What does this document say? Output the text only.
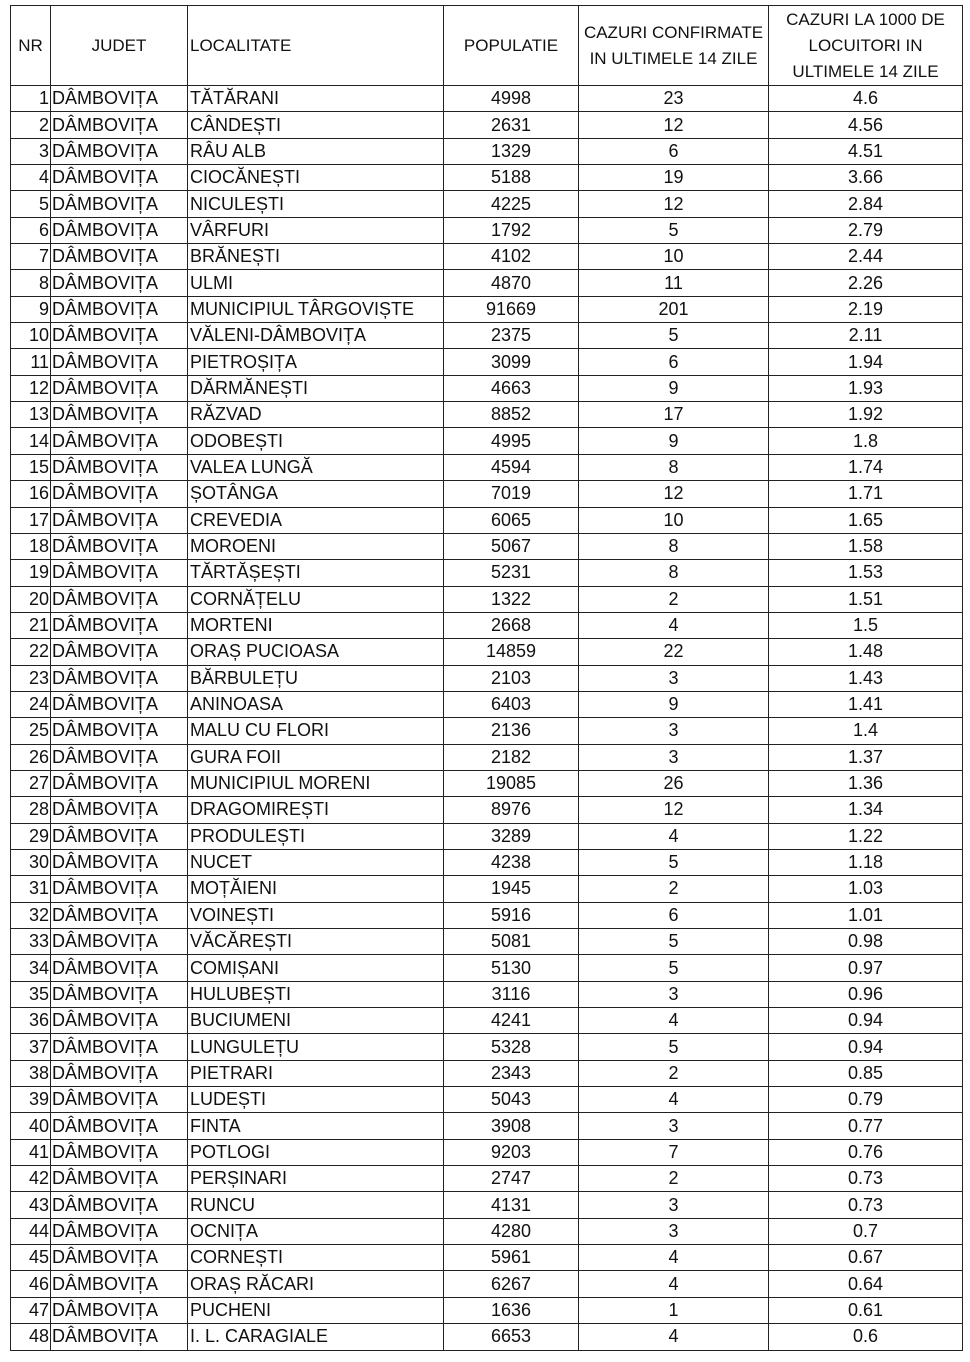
NR	JUDET	LOCALITATE	POPULATIE	CAZURI CONFIRMATE IN ULTIMELE 14 ZILE	CAZURI LA 1000 DE LOCUITORI IN ULTIMELE 14 ZILE
1	DÂMBOVIȚA	TĂTĂRANI	4998	23	4.6
2	DÂMBOVIȚA	CÂNDEȘTI	2631	12	4.56
3	DÂMBOVIȚA	RÂU ALB	1329	6	4.51
4	DÂMBOVIȚA	CIOCĂNEȘTI	5188	19	3.66
5	DÂMBOVIȚA	NICULEȘTI	4225	12	2.84
6	DÂMBOVIȚA	VÂRFURI	1792	5	2.79
7	DÂMBOVIȚA	BRĂNEȘTI	4102	10	2.44
8	DÂMBOVIȚA	ULMI	4870	11	2.26
9	DÂMBOVIȚA	MUNICIPIUL TÂRGOVIȘTE	91669	201	2.19
10	DÂMBOVIȚA	VĂLENI-DÂMBOVIȚA	2375	5	2.11
11	DÂMBOVIȚA	PIETROȘIȚA	3099	6	1.94
12	DÂMBOVIȚA	DĂRMĂNEȘTI	4663	9	1.93
13	DÂMBOVIȚA	RĂZVAD	8852	17	1.92
14	DÂMBOVIȚA	ODOBEȘTI	4995	9	1.8
15	DÂMBOVIȚA	VALEA LUNGĂ	4594	8	1.74
16	DÂMBOVIȚA	ȘOTÂNGA	7019	12	1.71
17	DÂMBOVIȚA	CREVEDIA	6065	10	1.65
18	DÂMBOVIȚA	MOROENI	5067	8	1.58
19	DÂMBOVIȚA	TĂRTĂȘEȘTI	5231	8	1.53
20	DÂMBOVIȚA	CORNĂȚELU	1322	2	1.51
21	DÂMBOVIȚA	MORTENI	2668	4	1.5
22	DÂMBOVIȚA	ORAȘ PUCIOASA	14859	22	1.48
23	DÂMBOVIȚA	BĂRBULEȚU	2103	3	1.43
24	DÂMBOVIȚA	ANINOASA	6403	9	1.41
25	DÂMBOVIȚA	MALU CU FLORI	2136	3	1.4
26	DÂMBOVIȚA	GURA FOII	2182	3	1.37
27	DÂMBOVIȚA	MUNICIPIUL MORENI	19085	26	1.36
28	DÂMBOVIȚA	DRAGOMIREȘTI	8976	12	1.34
29	DÂMBOVIȚA	PRODULEȘTI	3289	4	1.22
30	DÂMBOVIȚA	NUCET	4238	5	1.18
31	DÂMBOVIȚA	MOȚĂIENI	1945	2	1.03
32	DÂMBOVIȚA	VOINEȘTI	5916	6	1.01
33	DÂMBOVIȚA	VĂCĂREȘTI	5081	5	0.98
34	DÂMBOVIȚA	COMIȘANI	5130	5	0.97
35	DÂMBOVIȚA	HULUBEȘTI	3116	3	0.96
36	DÂMBOVIȚA	BUCIUMENI	4241	4	0.94
37	DÂMBOVIȚA	LUNGULEȚU	5328	5	0.94
38	DÂMBOVIȚA	PIETRARI	2343	2	0.85
39	DÂMBOVIȚA	LUDEȘTI	5043	4	0.79
40	DÂMBOVIȚA	FINTA	3908	3	0.77
41	DÂMBOVIȚA	POTLOGI	9203	7	0.76
42	DÂMBOVIȚA	PERȘINARI	2747	2	0.73
43	DÂMBOVIȚA	RUNCU	4131	3	0.73
44	DÂMBOVIȚA	OCNIȚA	4280	3	0.7
45	DÂMBOVIȚA	CORNEȘTI	5961	4	0.67
46	DÂMBOVIȚA	ORAȘ RĂCARI	6267	4	0.64
47	DÂMBOVIȚA	PUCHENI	1636	1	0.61
48	DÂMBOVIȚA	I. L. CARAGIALE	6653	4	0.6
